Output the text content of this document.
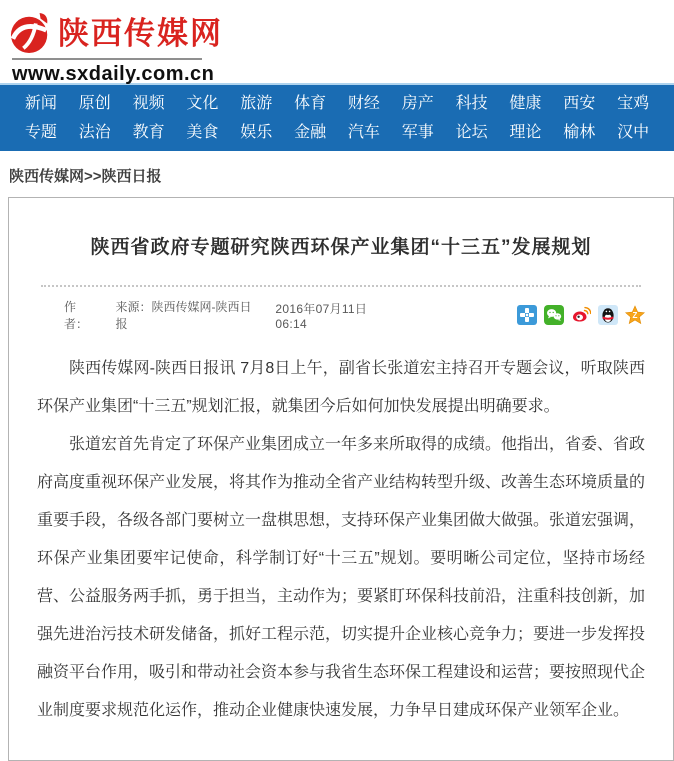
陕西传媒网
www.sxdaily.com.cn
新闻	原创	视频	文化	旅游	体育	财经	房产	科技	健康	西安	宝鸡
专题	法治	教育	美食	娱乐	金融	汽车	军事	论坛	理论	榆林	汉中
陕西传媒网>>陕西日报
陕西省政府专题研究陕西环保产业集团“十三五”发展规划
作者：
来源：陕西传媒网-陕西日报
2016年07月11日06:14
Z

陕西传媒网-陕西日报讯 7月8日上午，副省长张道宏主持召开专题会议，听取陕西环保产业集团“十三五”规划汇报，就集团今后如何加快发展提出明确要求。

张道宏首先肯定了环保产业集团成立一年多来所取得的成绩。他指出，省委、省政府高度重视环保产业发展，将其作为推动全省产业结构转型升级、改善生态环境质量的重要手段，各级各部门要树立一盘棋思想，支持环保产业集团做大做强。张道宏强调，环保产业集团要牢记使命，科学制订好“十三五”规划。要明晰公司定位，坚持市场经营、公益服务两手抓，勇于担当，主动作为；要紧盯环保科技前沿，注重科技创新，加强先进治污技术研发储备，抓好工程示范，切实提升企业核心竞争力；要进一步发挥投融资平台作用，吸引和带动社会资本参与我省生态环保工程建设和运营；要按照现代企业制度要求规范化运作，推动企业健康快速发展，力争早日建成环保产业领军企业。
